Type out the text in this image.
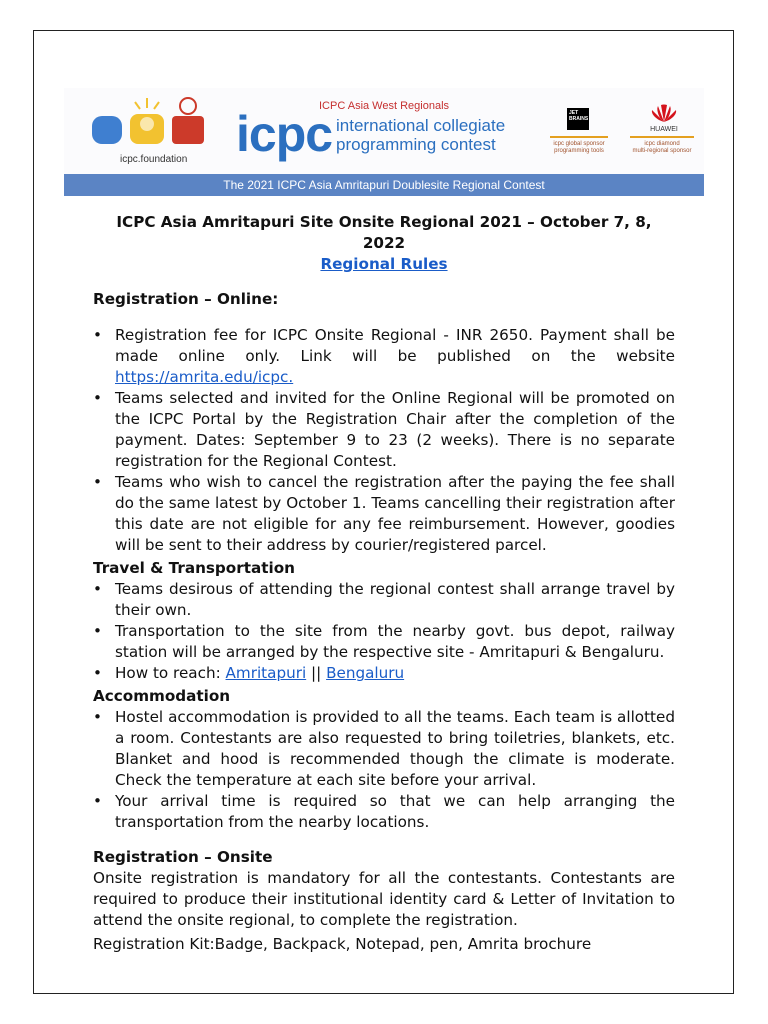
icpc.foundation
ICPC Asia West Regionals
icpc international collegiate
programming contest
JET
BRAINS
icpc global sponsor
programming tools
HUAWEI
icpc diamond
multi-regional sponsor
The 2021 ICPC Asia Amritapuri Doublesite Regional Contest

ICPC Asia Amritapuri Site Onsite Regional 2021 – October 7, 8, 2022

Regional Rules

Registration – Online:

• Registration fee for ICPC Onsite Regional - INR 2650. Payment shall be made online only. Link will be published on the website https://amrita.edu/icpc.
• Teams selected and invited for the Online Regional will be promoted on the ICPC Portal by the Registration Chair after the completion of the payment. Dates: September 9 to 23 (2 weeks). There is no separate registration for the Regional Contest.
• Teams who wish to cancel the registration after the paying the fee shall do the same latest by October 1. Teams cancelling their registration after this date are not eligible for any fee reimbursement. However, goodies will be sent to their address by courier/registered parcel.

Travel & Transportation

• Teams desirous of attending the regional contest shall arrange travel by their own.
• Transportation to the site from the nearby govt. bus depot, railway station will be arranged by the respective site - Amritapuri & Bengaluru.
• How to reach: Amritapuri || Bengaluru

Accommodation

• Hostel accommodation is provided to all the teams. Each team is allotted a room. Contestants are also requested to bring toiletries, blankets, etc. Blanket and hood is recommended though the climate is moderate. Check the temperature at each site before your arrival.
• Your arrival time is required so that we can help arranging the transportation from the nearby locations.

Registration – Onsite

Onsite registration is mandatory for all the contestants. Contestants are required to produce their institutional identity card & Letter of Invitation to attend the onsite regional, to complete the registration.

Registration Kit:Badge, Backpack, Notepad, pen, Amrita brochure
